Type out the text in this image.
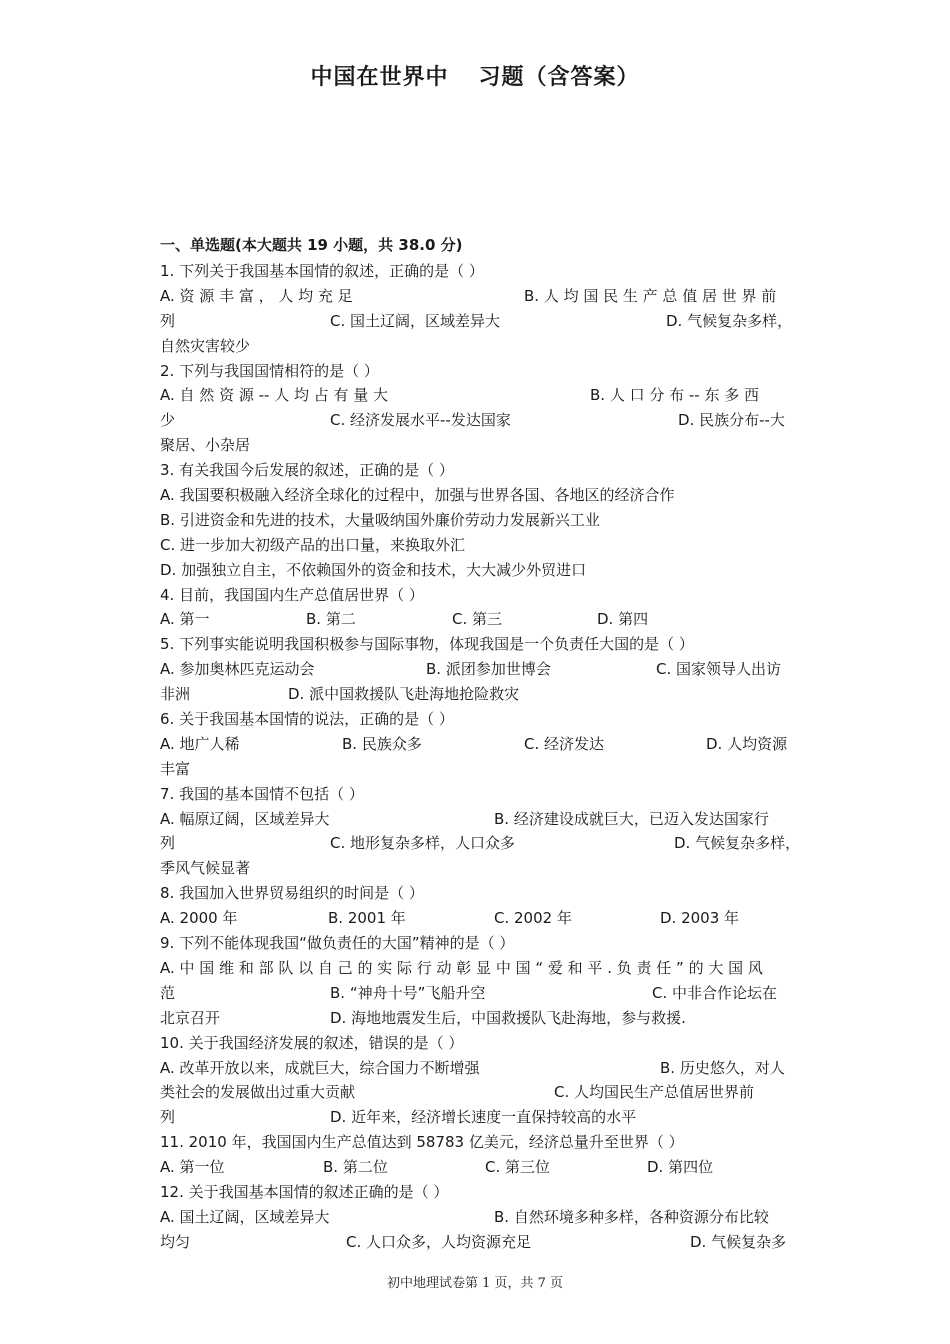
中国在世界中 习题（含答案）
一、单选题(本大题共 19 小题，共 38.0 分)
1. 下列关于我国基本国情的叙述，正确的是（ ）
A. 资 源 丰 富 ， 人 均 充 足	B. 人 均 国 民 生 产 总 值 居 世 界 前
列	C. 国土辽阔，区域差异大	D. 气候复杂多样，
自然灾害较少
2. 下列与我国国情相符的是（ ）
A. 自 然 资 源 -- 人 均 占 有 量 大	B. 人 口 分 布 -- 东 多 西
少	C. 经济发展水平--发达国家	D. 民族分布--大
聚居、小杂居
3. 有关我国今后发展的叙述，正确的是（ ）
A. 我国要积极融入经济全球化的过程中，加强与世界各国、各地区的经济合作
B. 引进资金和先进的技术，大量吸纳国外廉价劳动力发展新兴工业
C. 进一步加大初级产品的出口量，来换取外汇
D. 加强独立自主，不依赖国外的资金和技术，大大减少外贸进口
4. 目前，我国国内生产总值居世界（ ）
A. 第一	B. 第二	C. 第三	D. 第四
5. 下列事实能说明我国积极参与国际事物，体现我国是一个负责任大国的是（ ）
A. 参加奥林匹克运动会	B. 派团参加世博会	C. 国家领导人出访
非洲	D. 派中国救援队飞赴海地抢险救灾
6. 关于我国基本国情的说法，正确的是（ ）
A. 地广人稀	B. 民族众多	C. 经济发达	D. 人均资源
丰富
7. 我国的基本国情不包括（ ）
A. 幅原辽阔，区域差异大	B. 经济建设成就巨大，已迈入发达国家行
列	C. 地形复杂多样，人口众多	D. 气候复杂多样，
季风气候显著
8. 我国加入世界贸易组织的时间是（ ）
A. 2000 年	B. 2001 年	C. 2002 年	D. 2003 年
9. 下列不能体现我国“做负责任的大国”精神的是（ ）
A. 中 国 维 和 部 队 以 自 己 的 实 际 行 动 彰 显 中 国 “ 爱 和 平 . 负 责 任 ” 的 大 国 风
范	B. “神舟十号”飞船升空	C. 中非合作论坛在
北京召开	D. 海地地震发生后，中国救援队飞赴海地，参与救援.
10. 关于我国经济发展的叙述，错误的是（ ）
A. 改革开放以来，成就巨大，综合国力不断增强	B. 历史悠久，对人
类社会的发展做出过重大贡献	C. 人均国民生产总值居世界前
列	D. 近年来，经济增长速度一直保持较高的水平
11. 2010 年，我国国内生产总值达到 58783 亿美元，经济总量升至世界（ ）
A. 第一位	B. 第二位	C. 第三位	D. 第四位
12. 关于我国基本国情的叙述正确的是（ ）
A. 国土辽阔，区域差异大	B. 自然环境多种多样，各种资源分布比较
均匀	C. 人口众多，人均资源充足	D. 气候复杂多
初中地理试卷第 1 页，共 7 页
